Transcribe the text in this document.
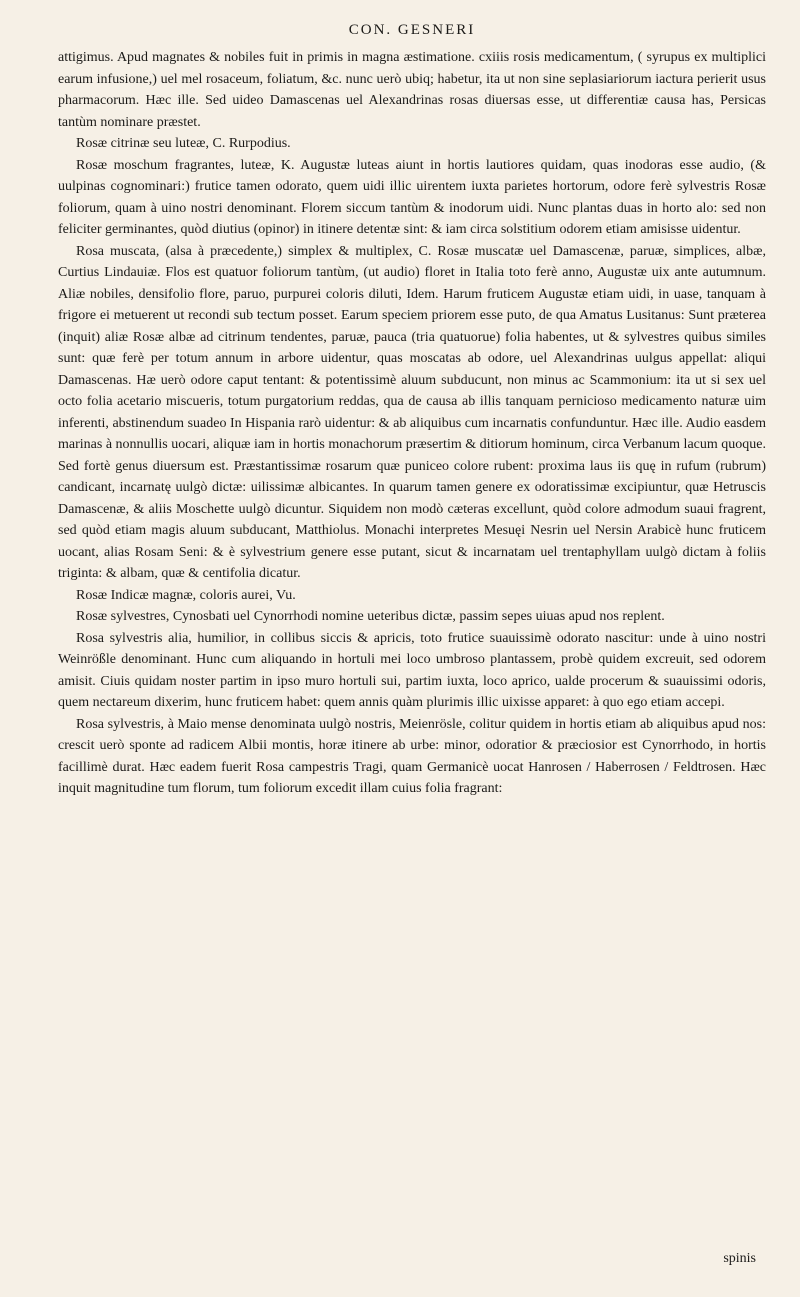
CON. GESNERI

attigimus. Apud magnates & nobiles fuit in primis in magna æstimatione. cxiiis rosis medicamentum, ( syrupus ex multiplici earum infusione,) uel mel rosaceum, foliatum, &c. nunc uerò ubiq; habetur, ita ut non sine seplasiariorum iactura perierit usus pharmacorum. Hæc ille. Sed uideo Damascenas uel Alexandrinas rosas diuersas esse, ut differentiæ causa has, Persicas tantùm nominare præstet.

Rosæ citrinæ seu luteæ, C. Rurpodius.

Rosæ moschum fragrantes, luteæ, K. Augustæ luteas aiunt in hortis lautiores quidam, quas inodoras esse audio, (& uulpinas cognominari:) frutice tamen odorato, quem uidi illic uirentem iuxta parietes hortorum, odore ferè sylvestris Rosæ foliorum, quam à uino nostri denominant. Florem siccum tantùm & inodorum uidi. Nunc plantas duas in horto alo: sed non feliciter germinantes, quòd diutius (opinor) in itinere detentæ sint: & iam circa solstitium odorem etiam amisisse uidentur.

Rosa muscata, (alsa à præcedente,) simplex & multiplex, C. Rosæ muscatæ uel Damascenæ, paruæ, simplices, albæ, Curtius Lindauiæ. Flos est quatuor foliorum tantùm, (ut audio) floret in Italia toto ferè anno, Augustæ uix ante autumnum. Aliæ nobiles, densifolio flore, paruo, purpurei coloris diluti, Idem. Harum fruticem Augustæ etiam uidi, in uase, tanquam à frigore ei metuerent ut recondi sub tectum posset. Earum speciem priorem esse puto, de qua Amatus Lusitanus: Sunt præterea (inquit) aliæ Rosæ albæ ad citrinum tendentes, paruæ, pauca (tria quatuorue) folia habentes, ut & sylvestres quibus similes sunt: quæ ferè per totum annum in arbore uidentur, quas moscatas ab odore, uel Alexandrinas uulgus appellat: aliqui Damascenas. Hæ uerò odore caput tentant: & potentissimè aluum subducunt, non minus ac Scammonium: ita ut si sex uel octo folia acetario miscueris, totum purgatorium reddas, qua de causa ab illis tanquam pernicioso medicamento naturæ uim inferenti, abstinendum suadeo In Hispania rarò uidentur: & ab aliquibus cum incarnatis confunduntur. Hæc ille. Audio easdem marinas à nonnullis uocari, aliquæ iam in hortis monachorum præsertim & ditiorum hominum, circa Verbanum lacum quoque. Sed fortè genus diuersum est. Præstantissimæ rosarum quæ puniceo colore rubent: proxima laus iis quę in rufum (rubrum) candicant, incarnatę uulgò dictæ: uilissimæ albicantes. In quarum tamen genere ex odoratissimæ excipiuntur, quæ Hetruscis Damascenæ, & aliis Moschette uulgò dicuntur. Siquidem non modò cæteras excellunt, quòd colore admodum suaui fragrent, sed quòd etiam magis aluum subducant, Matthiolus. Monachi interpretes Mesuęi Nesrin uel Nersin Arabicè hunc fruticem uocant, alias Rosam Seni: & è sylvestrium genere esse putant, sicut & incarnatam uel trentaphyllam uulgò dictam à foliis triginta: & albam, quæ & centifolia dicatur.

Rosæ Indicæ magnæ, coloris aurei, Vu.

Rosæ sylvestres, Cynosbati uel Cynorrhodi nomine ueteribus dictæ, passim sepes uiuas apud nos replent.

Rosa sylvestris alia, humilior, in collibus siccis & apricis, toto frutice suauissimè odorato nascitur: unde à uino nostri Weinrößle denominant. Hunc cum aliquando in hortuli mei loco umbroso plantassem, probè quidem excreuit, sed odorem amisit. Ciuis quidam noster partim in ipso muro hortuli sui, partim iuxta, loco aprico, ualde procerum & suauissimi odoris, quem nectareum dixerim, hunc fruticem habet: quem annis quàm plurimis illic uixisse apparet: à quo ego etiam accepi.

Rosa sylvestris, à Maio mense denominata uulgò nostris, Meienrösle, colitur quidem in hortis etiam ab aliquibus apud nos: crescit uerò sponte ad radicem Albii montis, horæ itinere ab urbe: minor, odoratior & præciosior est Cynorrhodo, in hortis facillimè durat. Hæc eadem fuerit Rosa campestris Tragi, quam Germanicè uocat Hanrosen / Haberrosen / Feldtrosen. Hæc inquit magnitudine tum florum, tum foliorum excedit illam cuius folia fragrant:

spinis
